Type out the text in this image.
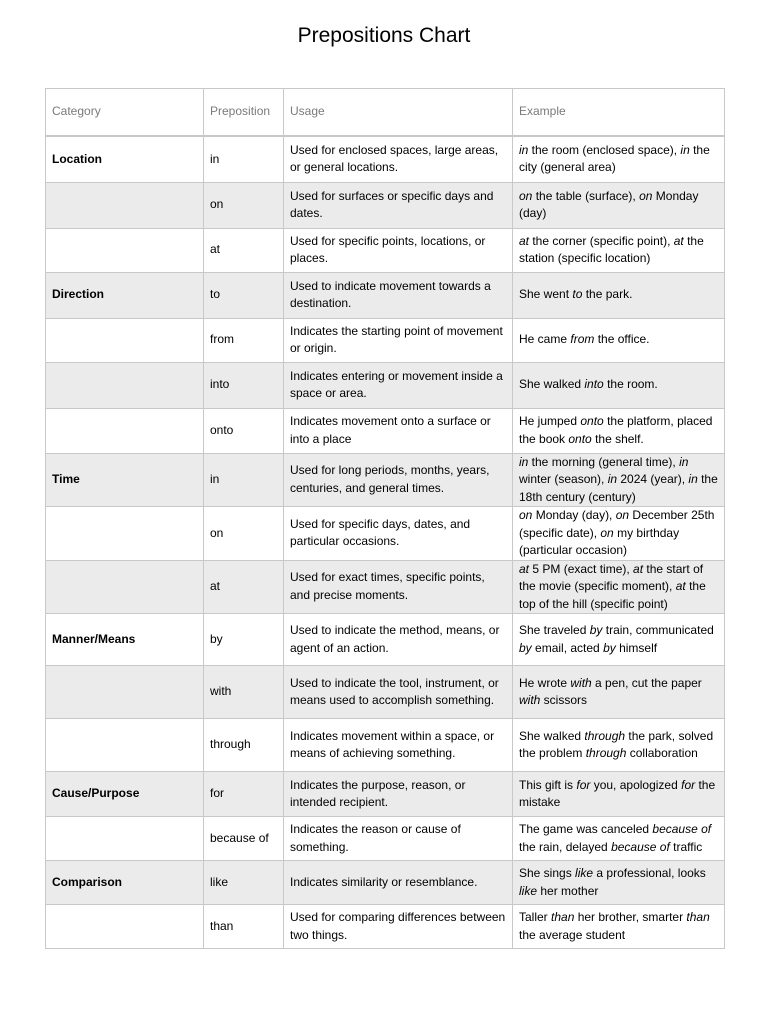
Prepositions Chart
Category	Preposition	Usage	Example
Location	in	Used for enclosed spaces, large areas, or general locations.	in the room (enclosed space), in the city (general area)
	on	Used for surfaces or specific days and dates.	on the table (surface), on Monday (day)
	at	Used for specific points, locations, or places.	at the corner (specific point), at the station (specific location)
Direction	to	Used to indicate movement towards a destination.	She went to the park.
	from	Indicates the starting point of movement or origin.	He came from the office.
	into	Indicates entering or movement inside a space or area.	She walked into the room.
	onto	Indicates movement onto a surface or into a place	He jumped onto the platform, placed the book onto the shelf.
Time	in	Used for long periods, months, years, centuries, and general times.	in the morning (general time), in winter (season), in 2024 (year), in the 18th century (century)
	on	Used for specific days, dates, and particular occasions.	on Monday (day), on December 25th (specific date), on my birthday (particular occasion)
	at	Used for exact times, specific points, and precise moments.	at 5 PM (exact time), at the start of the movie (specific moment), at the top of the hill (specific point)
Manner/Means	by	Used to indicate the method, means, or agent of an action.	She traveled by train, communicated by email, acted by himself
	with	Used to indicate the tool, instrument, or means used to accomplish something.	He wrote with a pen, cut the paper with scissors
	through	Indicates movement within a space, or means of achieving something.	She walked through the park, solved the problem through collaboration
Cause/Purpose	for	Indicates the purpose, reason, or intended recipient.	This gift is for you, apologized for the mistake
	because of	Indicates the reason or cause of something.	The game was canceled because of the rain, delayed because of traffic
Comparison	like	Indicates similarity or resemblance.	She sings like a professional, looks like her mother
	than	Used for comparing differences between two things.	Taller than her brother, smarter than the average student
